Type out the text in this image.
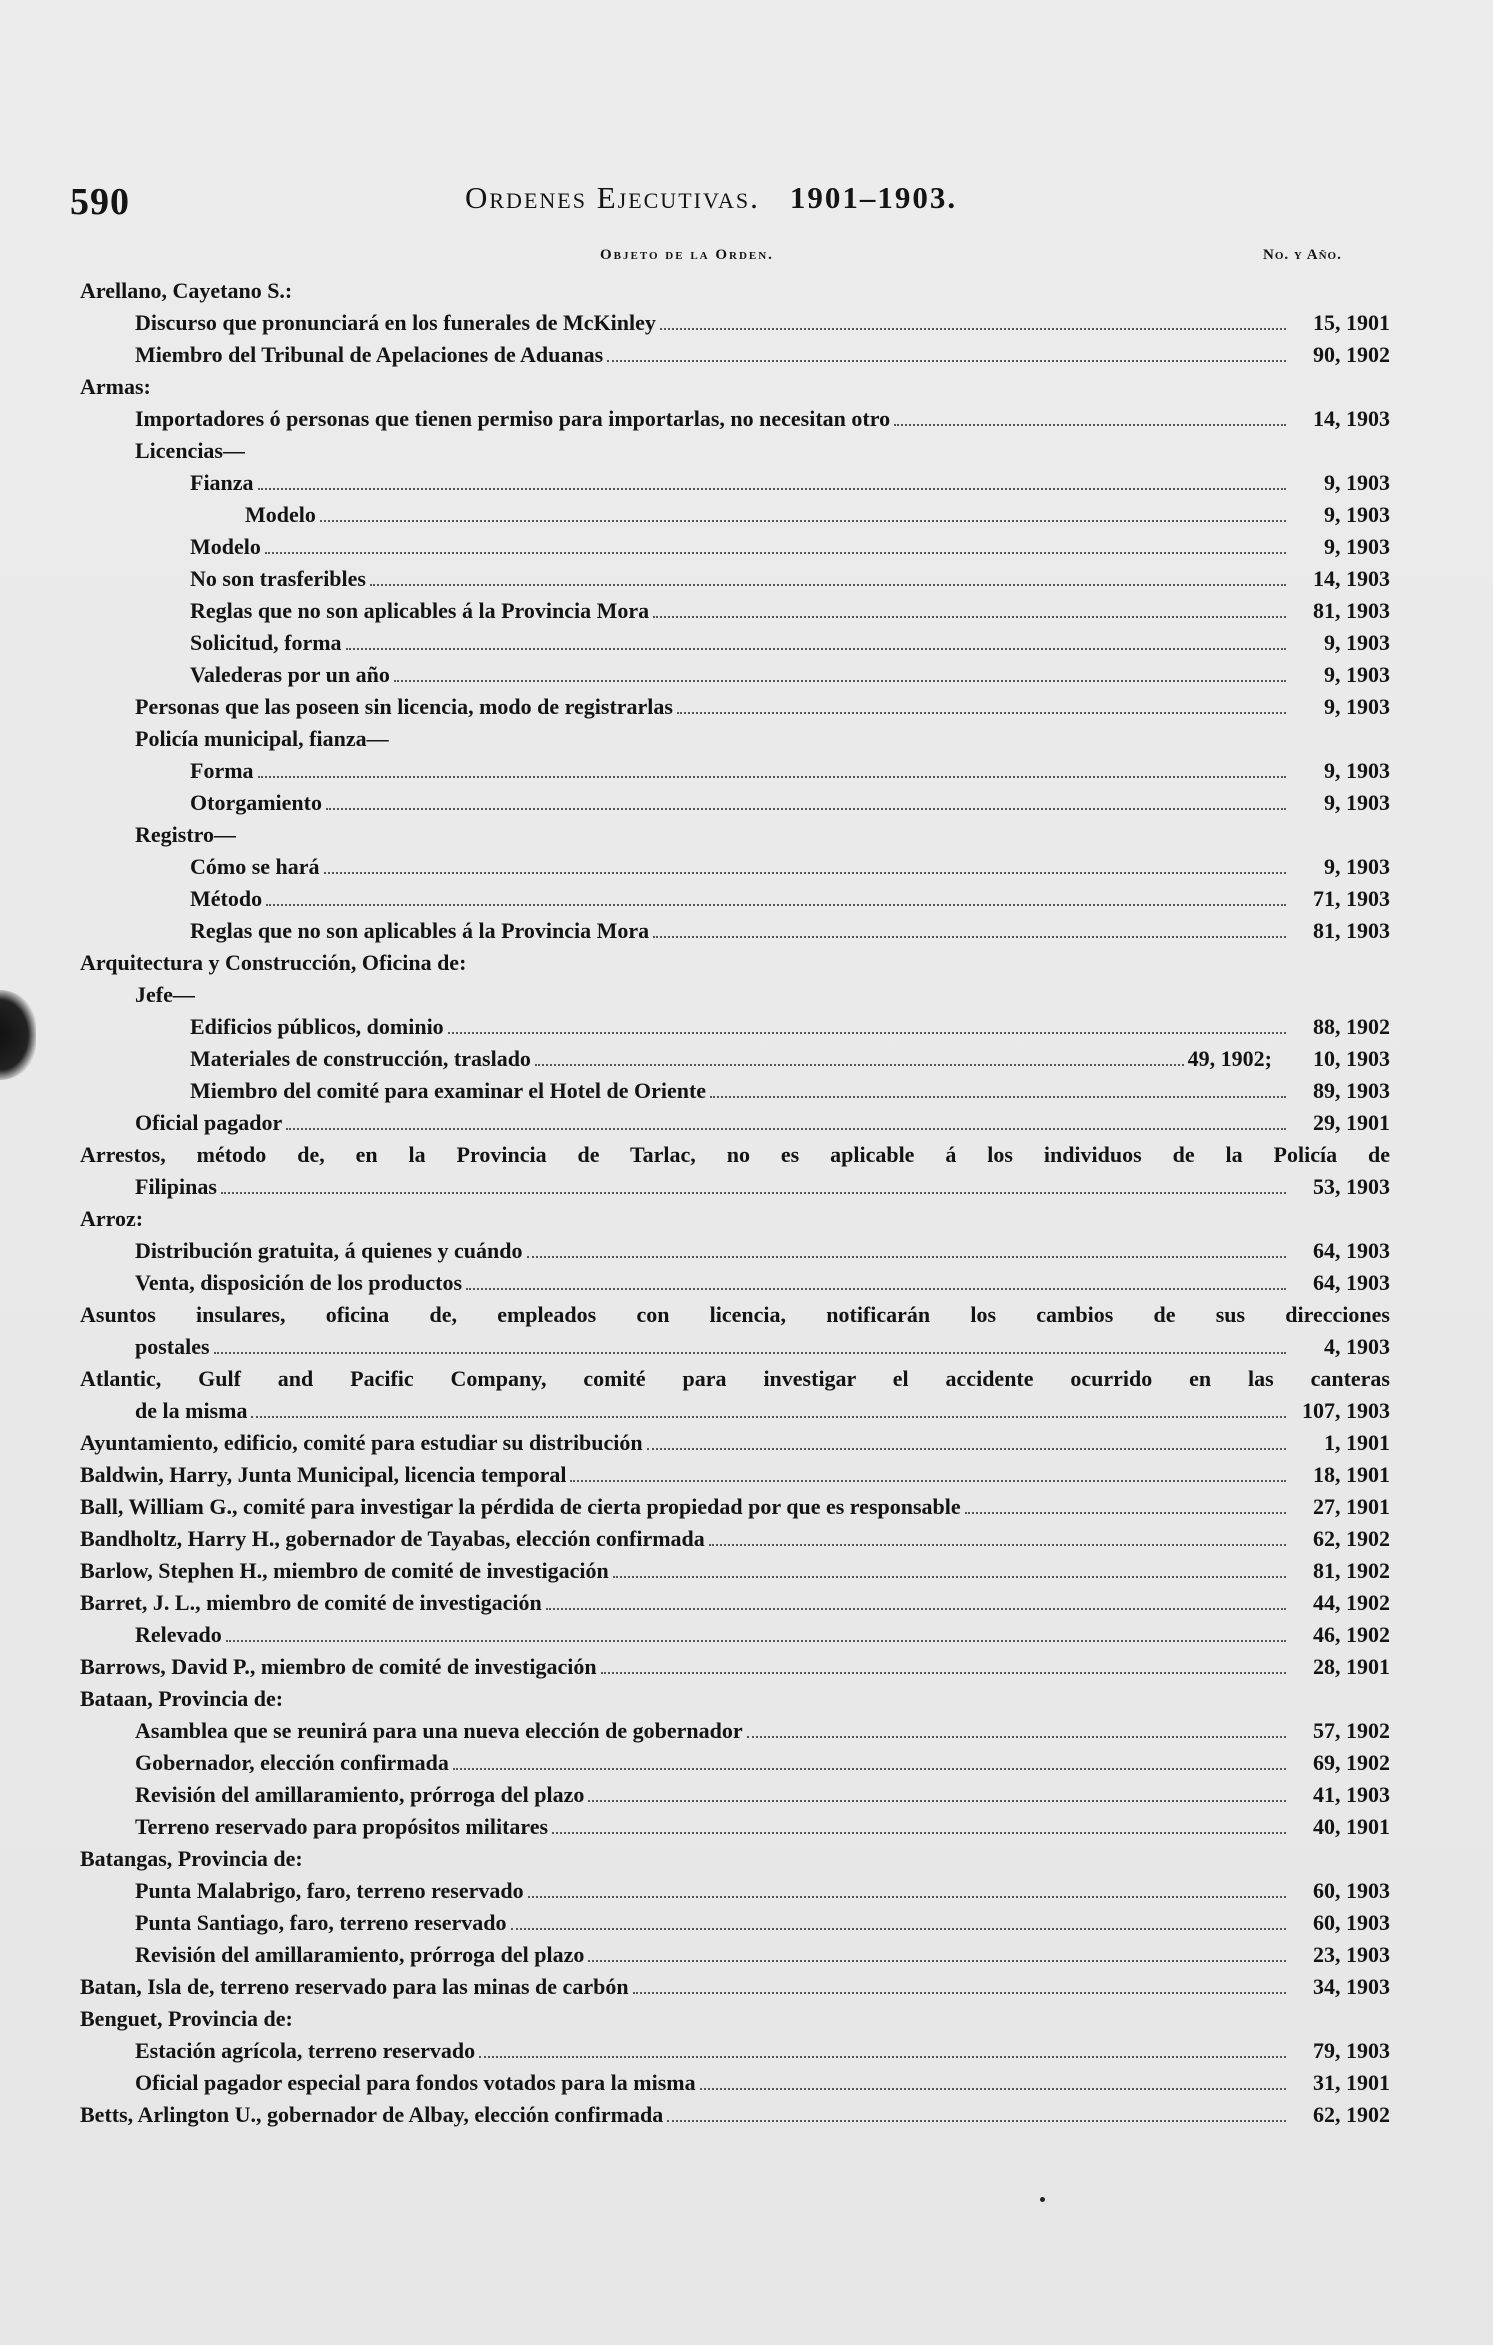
590	Ordenes Ejecutivas. 1901–1903.
Objeto de la Orden.	No. y Año.
Arellano, Cayetano S.:
Discurso que pronunciará en los funerales de McKinley	15, 1901
Miembro del Tribunal de Apelaciones de Aduanas	90, 1902
Armas:
Importadores ó personas que tienen permiso para importarlas, no necesitan otro	14, 1903
Licencias—
Fianza	9, 1903
Modelo	9, 1903
Modelo	9, 1903
No son trasferibles	14, 1903
Reglas que no son aplicables á la Provincia Mora	81, 1903
Solicitud, forma	9, 1903
Valederas por un año	9, 1903
Personas que las poseen sin licencia, modo de registrarlas	9, 1903
Policía municipal, fianza—
Forma	9, 1903
Otorgamiento	9, 1903
Registro—
Cómo se hará	9, 1903
Método	71, 1903
Reglas que no son aplicables á la Provincia Mora	81, 1903
Arquitectura y Construcción, Oficina de:
Jefe—
Edificios públicos, dominio	88, 1902
Materiales de construcción, traslado	49, 1902;	10, 1903
Miembro del comité para examinar el Hotel de Oriente	89, 1903
Oficial pagador	29, 1901
Arrestos, método de, en la Provincia de Tarlac, no es aplicable á los individuos de la Policía de
Filipinas	53, 1903
Arroz:
Distribución gratuita, á quienes y cuándo	64, 1903
Venta, disposición de los productos	64, 1903
Asuntos insulares, oficina de, empleados con licencia, notificarán los cambios de sus direcciones
postales	4, 1903
Atlantic, Gulf and Pacific Company, comité para investigar el accidente ocurrido en las canteras
de la misma	107, 1903
Ayuntamiento, edificio, comité para estudiar su distribución	1, 1901
Baldwin, Harry, Junta Municipal, licencia temporal	18, 1901
Ball, William G., comité para investigar la pérdida de cierta propiedad por que es responsable	27, 1901
Bandholtz, Harry H., gobernador de Tayabas, elección confirmada	62, 1902
Barlow, Stephen H., miembro de comité de investigación	81, 1902
Barret, J. L., miembro de comité de investigación	44, 1902
Relevado	46, 1902
Barrows, David P., miembro de comité de investigación	28, 1901
Bataan, Provincia de:
Asamblea que se reunirá para una nueva elección de gobernador	57, 1902
Gobernador, elección confirmada	69, 1902
Revisión del amillaramiento, prórroga del plazo	41, 1903
Terreno reservado para propósitos militares	40, 1901
Batangas, Provincia de:
Punta Malabrigo, faro, terreno reservado	60, 1903
Punta Santiago, faro, terreno reservado	60, 1903
Revisión del amillaramiento, prórroga del plazo	23, 1903
Batan, Isla de, terreno reservado para las minas de carbón	34, 1903
Benguet, Provincia de:
Estación agrícola, terreno reservado	79, 1903
Oficial pagador especial para fondos votados para la misma	31, 1901
Betts, Arlington U., gobernador de Albay, elección confirmada	62, 1902
